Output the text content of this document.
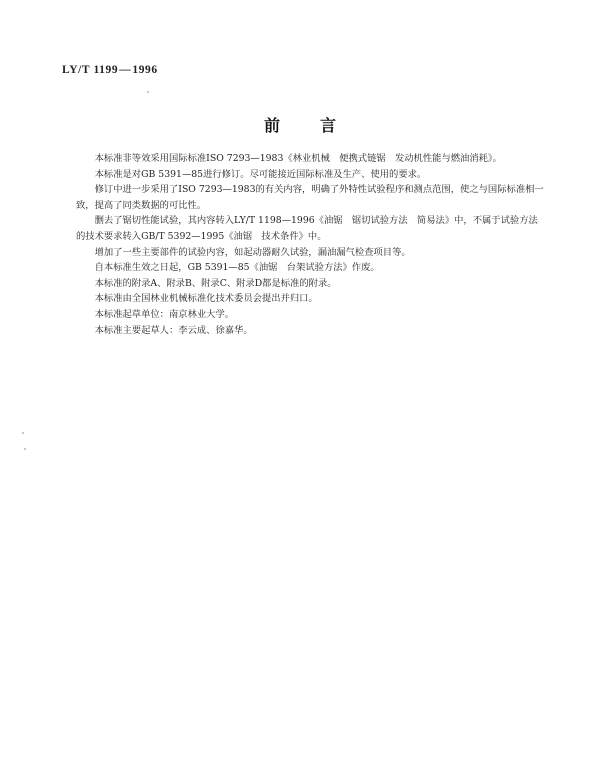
LY/T 1199—1996
前言

本标准非等效采用国际标准ISO 7293—1983《林业机械　便携式链锯　发动机性能与燃油消耗》。

本标准是对GB 5391—85进行修订。尽可能接近国际标准及生产、使用的要求。

修订中进一步采用了ISO 7293—1983的有关内容，明确了外特性试验程序和测点范围，使之与国际标准相一致，提高了同类数据的可比性。

删去了锯切性能试验，其内容转入LY/T 1198—1996《油锯　锯切试验方法　简易法》中，不属于试验方法的技术要求转入GB/T 5392—1995《油锯　技术条件》中。

增加了一些主要部件的试验内容，如起动器耐久试验，漏油漏气检查项目等。

自本标准生效之日起，GB 5391—85《油锯　台架试验方法》作废。

本标准的附录A、附录B、附录C、附录D都是标准的附录。

本标准由全国林业机械标准化技术委员会提出并归口。

本标准起草单位：南京林业大学。

本标准主要起草人：李云成、徐嘉华。
